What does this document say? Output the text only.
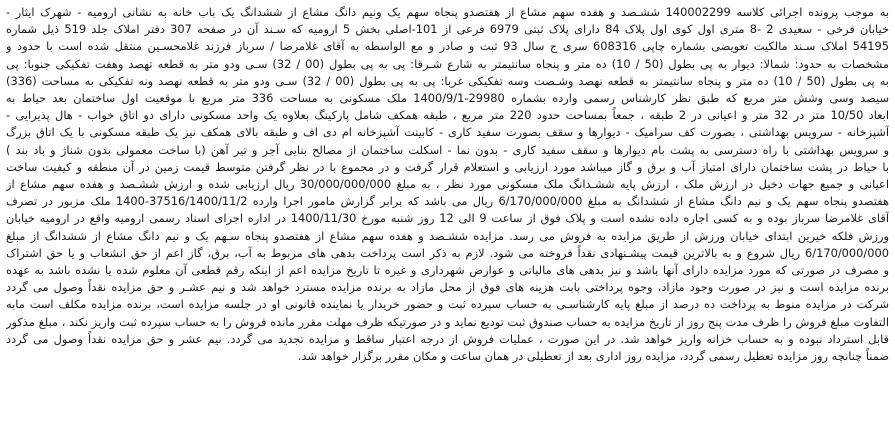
به موجب پرونده اجرائی کلاسه 140002299 ششـصد و هفده سهم مشاع از هفتصدو پنجاه سهم یک ونیم دانگ مشاع از ششدانگ یک باب خانه به نشانی ارومیه - شهرک ایثار -
خیابان فرخی - سعیدی 2 -8 متری اول کوی اول پلاک 84 دارای پلاک ثبتی 6979 فرعی از 101-اصلی بخش 5 ارومیه که سـند آن در صفحه 307 دفتر املاک جلد 519 ذیل شماره
54195 املاک سـند مالکیت تعویضی بشماره چاپی 608316 سری ج سال 93 ثبت و صادر و مع الواسطه به آقای غلامرضا / سرباز فرزند غلامحسـین منتقل شده است با حدود و
مشخصات به حدود: شمالا: دیوار به پی بطول (50 / 10) ده متر و پنجاه سانتیمتر به شارع شـرقا: پی به پی بطول (00 / 32) سـی ودو متر به قطعه تهصد وهفت تفکیکی جنوبا: پی
به پی بطول (50 / 10) ده متر و پنجاه سانتیمتر به قطعه نهصد وشـصت وسه تفکیکی غربا: پی به پی بطول (00 / 32) سـی ودو متر به قطعه نهصد ونه تفکیکی به مساحت (336)
سیصد وسی وشش متر مربع که طبق نظر کارشناس رسمی وارده بشماره 29980-1400/9/1 ملک مسکونی به مساحت 336 متر مربع با موقعیت اول ساختمان بعد حیاط به
ابعاد 10/50 متر در 32 متر و اعیانی در 2 طبقه ، جمعاً بمساحت حدود 220 متر مربع ، طبقه همکف شامل پارکینگ بعلاوه یک واحد مسکونی دارای دو اتاق خواب - هال پذیرایی -
آشپزخانه - سرویس بهداشتی ، بصورت کف سرامیک - دیوارها و سقف بصورت سفید کاری - کابینت آشپزخانه ام دی اف و طبقه بالای همکف نیز یک طبقه مسکونی با یک اتاق بزرگ
و سرویس بهداشتی با راه دسترسی به پشت بام دیوارها و سقف سفید کاری - بدون نما - اسکلت ساختمان از مصالح بنایی آجر و تیر آهن (با ساخت معمولی بدون شناژ و باد بند )
با حیاط در پشت ساختمان دارای امتیاز آب و برق و گاز میباشد مورد ارزیابی و استعلام قرار گرفت و در مجموع با در نظر گرفتن متوسط قیمت زمین در آن منطقه و کیفیت ساخت
اعیانی و جمیع جهات دخیل در ارزش ملک ، ارزش پایه ششـدانگ ملک مسکونی مورد نظر ، به مبلغ 30/000/000/000 ریال ارزیابی شده و ارزش ششـصد و هفده سهم مشاع از
هفتصدو پنجاه سهم یک و نیم دانگ مشاع از ششدانگ به مبلغ 6/170/000/000 ریال می باشد که برابر گزارش مامور اجرا وارده 37516/1400/11/2-1400 ملک مزبور در تصرف
آقای غلامرضا سرباز بوده و به کسی اجاره داده نشده است و پلاک فوق از ساعت 9 الی 12 روز شنبه مورخ 1400/11/30 در اداره اجرای اسناد رسمی ارومیه واقع در ارومیه خیابان
ورزش فلکه خیرین ابتدای خیابان ورزش از طریق مزایده به فروش می رسد. مزایده ششـصد و هفده سهم مشاع از هفتصدو پنجاه سـهم یک و نیم دانگ مشاع از ششدانگ از مبلغ
6/170/000/000 ریال شروع و به بالاترین قیمت پیشـنهادی نقداً فروخته می شود. لازم به ذکر است پرداخت بدهی های مربوط به آب، برق، گاز اعم از حق انشعاب و یا حق اشتراک
و مصرف در صورتی که مورد مزایده دارای آنها باشد و نیز بدهی های مالیاتی و عوارض شهرداری و غیره تا تاریخ مزایده اعم از اینکه رقم قطعی آن معلوم شده یا نشده باشد به عهده
برنده مزایده است و نیز در صورت وجود مازاد، وجوه پرداختی بابت هزینه های فوق از محل مازاد به برنده مزایده مسترد خواهد شد و نیم عشـر و حق مزایده نقداً وصول می گردد
شرکت در مزایده منوط به پرداخت ده درصد از مبلغ پایه کارشناسـی به حساب سپرده ثبت و حضور خریدار یا نماینده قانونی او در جلسه مزایده است، برنده مزایده مکلف است مابه
التفاوت مبلغ فروش را ظرف مدت پنج روز از تاریخ مزایده به حساب صندوق ثبت تودیع نماید و در صورتیکه ظرف مهلت مقرر مانده فروش را به حساب سپرده ثبت واریز نکند ، مبلغ مذکور
قابل استرداد نبوده و به حساب خزانه واریز خواهد شد. در این صورت ، عملیات فروش از درجه اعتبار ساقط و مزایده تجدید می گردد. نیم عشر و حق مزایده نقداً وصول می گردد
ضمناً چنانچه روز مزایده تعطیل رسمی گردد، مزایده روز اداری بعد از تعطیلی در همان ساعت و مکان مقرر برگزار خواهد شد.
